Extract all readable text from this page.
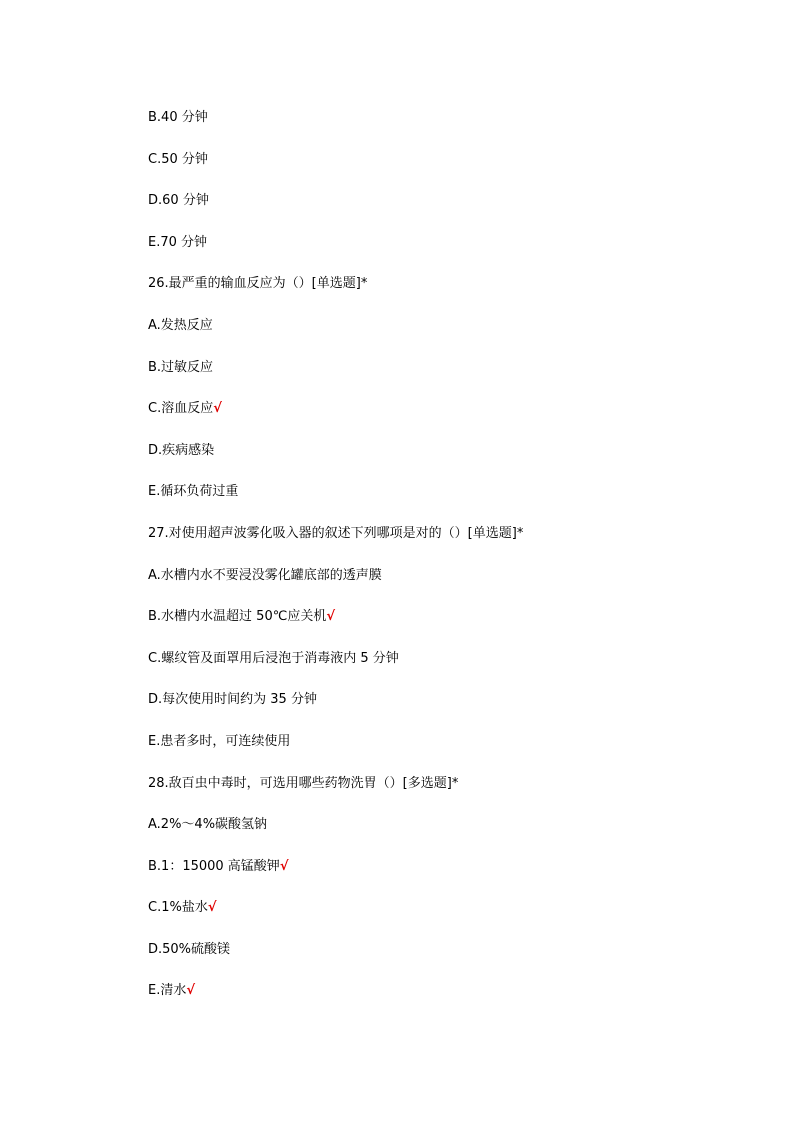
B.40 分钟
C.50 分钟
D.60 分钟
E.70 分钟
26.最严重的输血反应为（）[单选题]*
A.发热反应
B.过敏反应
C.溶血反应√
D.疾病感染
E.循环负荷过重
27.对使用超声波雾化吸入器的叙述下列哪项是对的（）[单选题]*
A.水槽内水不要浸没雾化罐底部的透声膜
B.水槽内水温超过 50℃应关机√
C.螺纹管及面罩用后浸泡于消毒液内 5 分钟
D.每次使用时间约为 35 分钟
E.患者多时，可连续使用
28.敌百虫中毒时，可选用哪些药物洗胃（）[多选题]*
A.2%～4%碳酸氢钠
B.1：15000 高锰酸钾√
C.1%盐水√
D.50%硫酸镁
E.清水√
